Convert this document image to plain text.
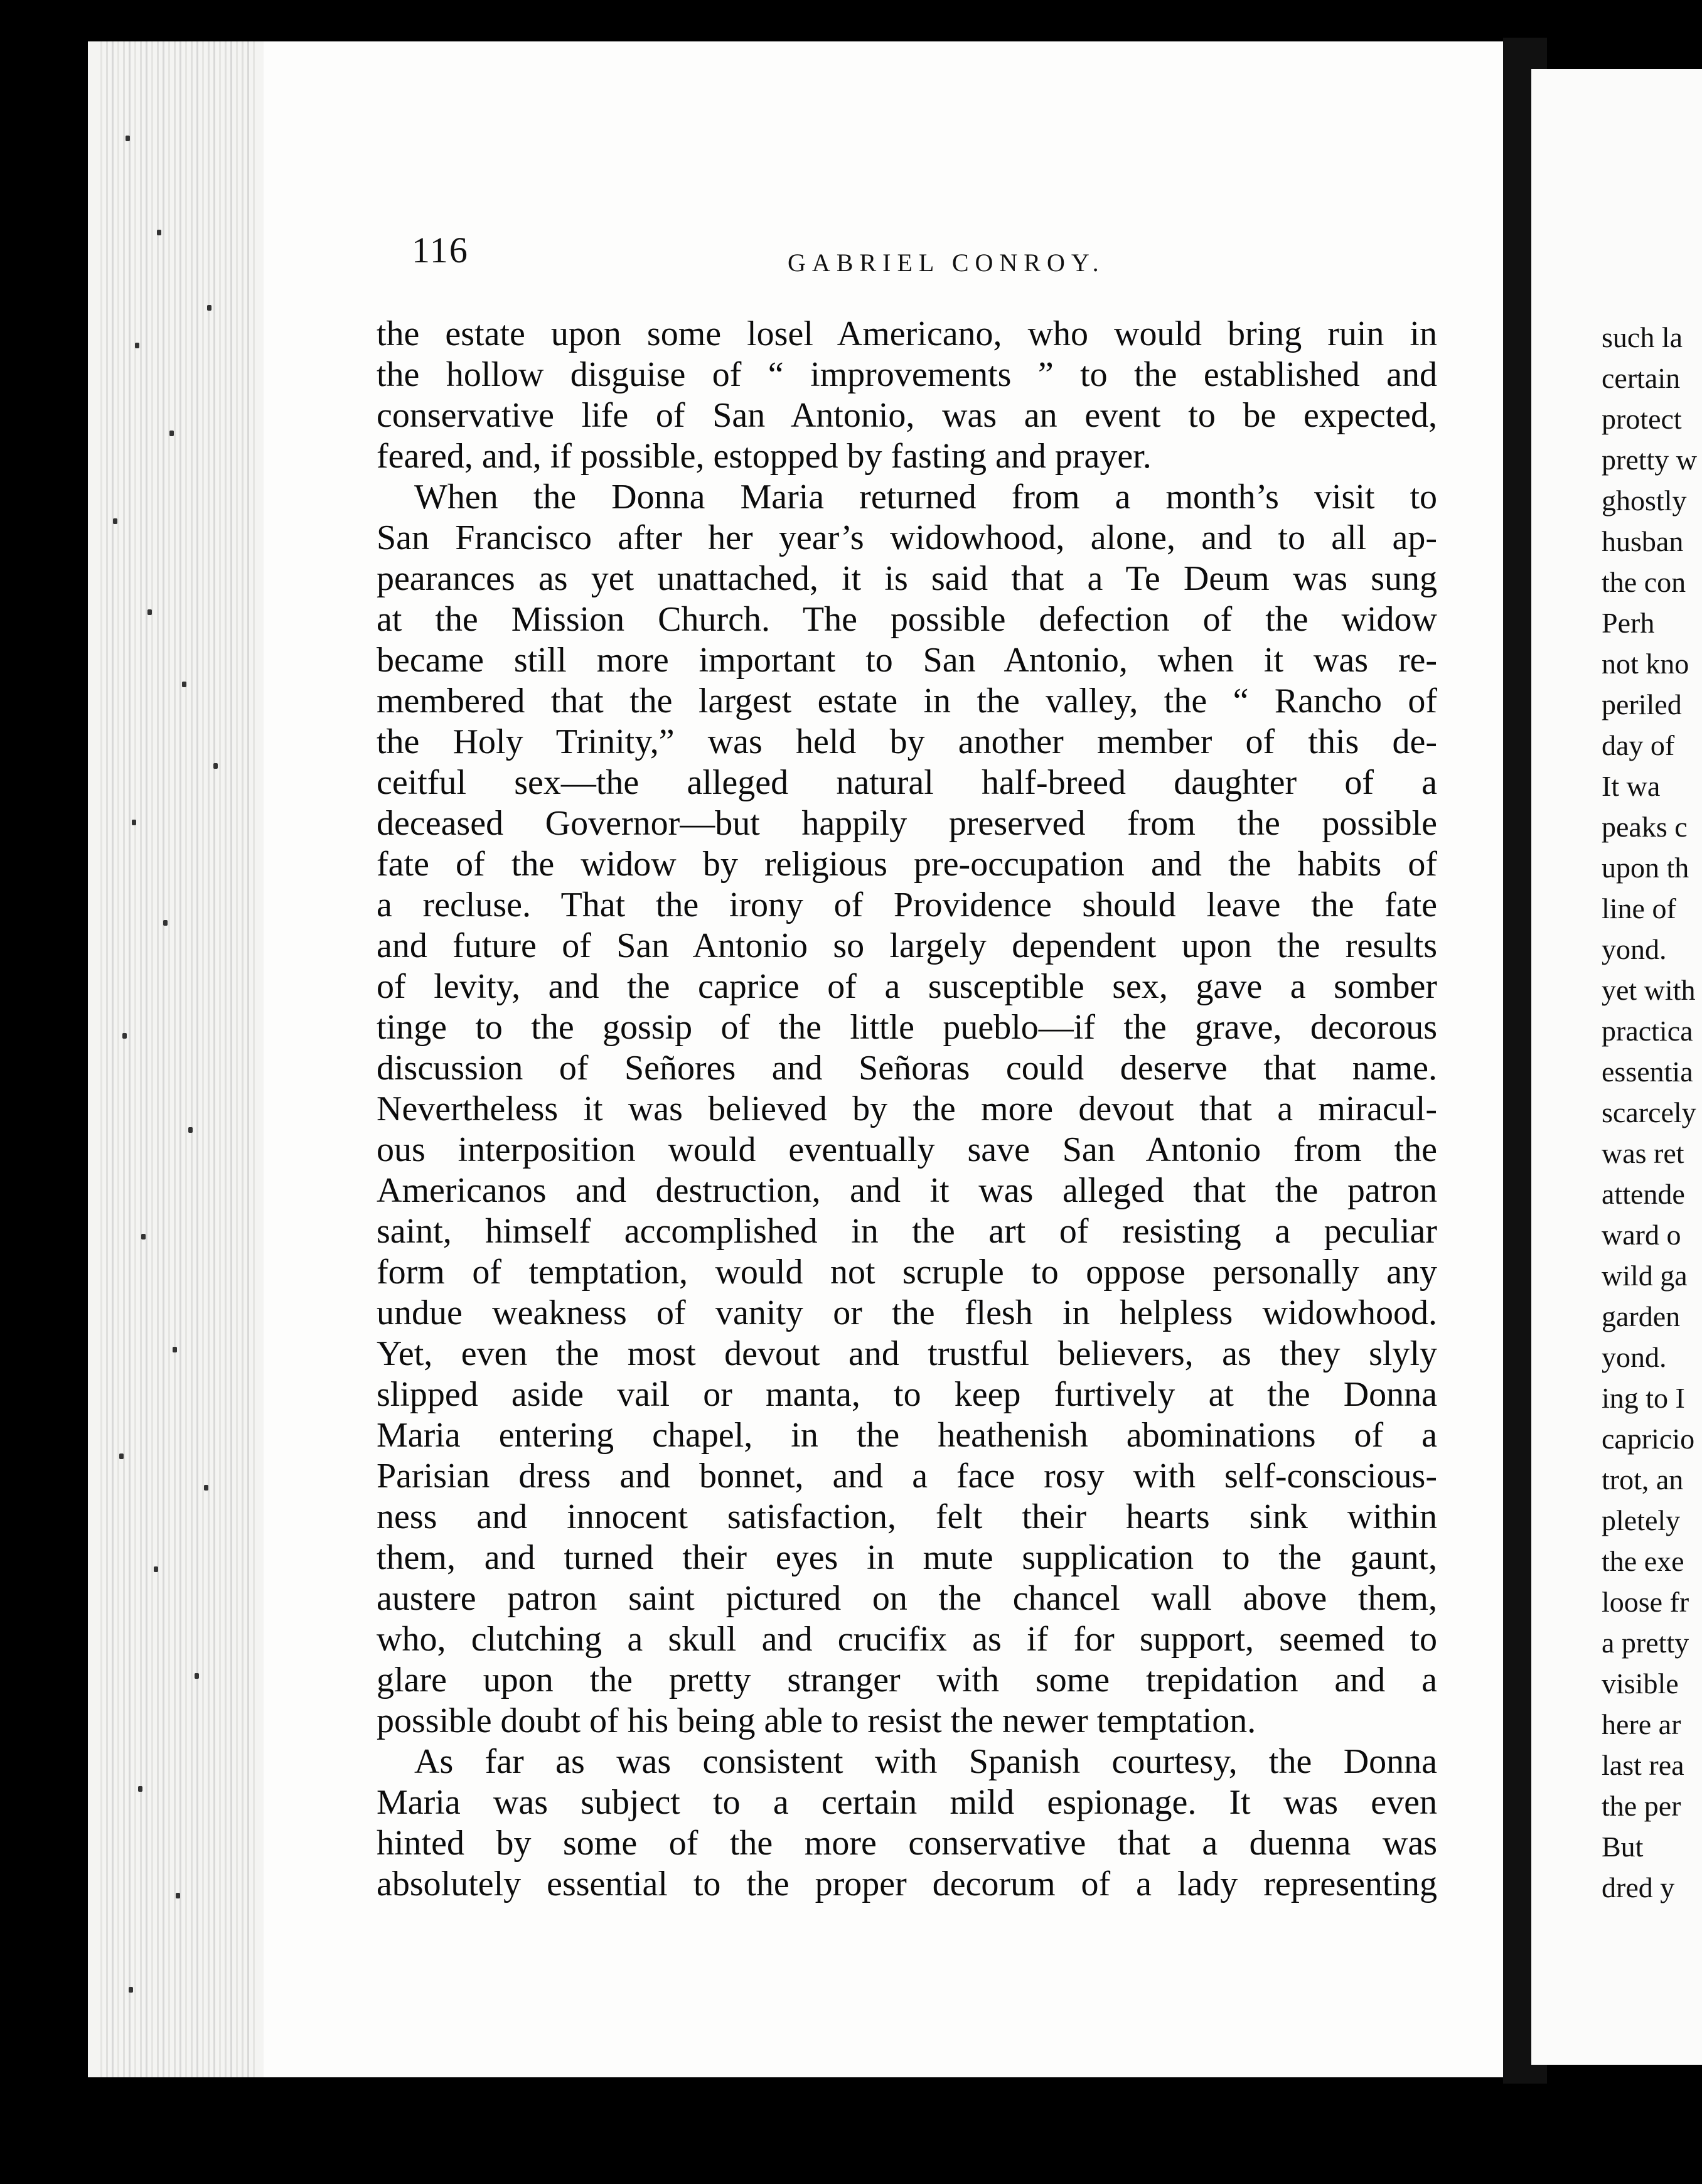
116	GABRIEL CONROY.
the estate upon some losel Americano, who would bring ruin in
the hollow disguise of “ improvements ” to the established and
conservative life of San Antonio, was an event to be expected,
feared, and, if possible, estopped by fasting and prayer.
When the Donna Maria returned from a month’s visit to
San Francisco after her year’s widowhood, alone, and to all ap-
pearances as yet unattached, it is said that a Te Deum was sung
at the Mission Church. The possible defection of the widow
became still more important to San Antonio, when it was re-
membered that the largest estate in the valley, the “ Rancho of
the Holy Trinity,” was held by another member of this de-
ceitful sex—the alleged natural half-breed daughter of a
deceased Governor—but happily preserved from the possible
fate of the widow by religious pre-occupation and the habits of
a recluse. That the irony of Providence should leave the fate
and future of San Antonio so largely dependent upon the results
of levity, and the caprice of a susceptible sex, gave a somber
tinge to the gossip of the little pueblo—if the grave, decorous
discussion of Señores and Señoras could deserve that name.
Nevertheless it was believed by the more devout that a miracul-
ous interposition would eventually save San Antonio from the
Americanos and destruction, and it was alleged that the patron
saint, himself accomplished in the art of resisting a peculiar
form of temptation, would not scruple to oppose personally any
undue weakness of vanity or the flesh in helpless widowhood.
Yet, even the most devout and trustful believers, as they slyly
slipped aside vail or manta, to keep furtively at the Donna
Maria entering chapel, in the heathenish abominations of a
Parisian dress and bonnet, and a face rosy with self-conscious-
ness and innocent satisfaction, felt their hearts sink within
them, and turned their eyes in mute supplication to the gaunt,
austere patron saint pictured on the chancel wall above them,
who, clutching a skull and crucifix as if for support, seemed to
glare upon the pretty stranger with some trepidation and a
possible doubt of his being able to resist the newer temptation.
As far as was consistent with Spanish courtesy, the Donna
Maria was subject to a certain mild espionage. It was even
hinted by some of the more conservative that a duenna was
absolutely essential to the proper decorum of a lady representing
such la
certain
protect
pretty w
ghostly
husban
the con
Perh
not kno
periled
day of
It wa
peaks c
upon th
line of
yond.
yet with
practica
essentia
scarcely
was ret
attende
ward o
wild ga
garden
yond.
ing to I
capricio
trot, an
pletely
the exe
loose fr
a pretty
visible
here ar
last rea
the per
But
dred y
